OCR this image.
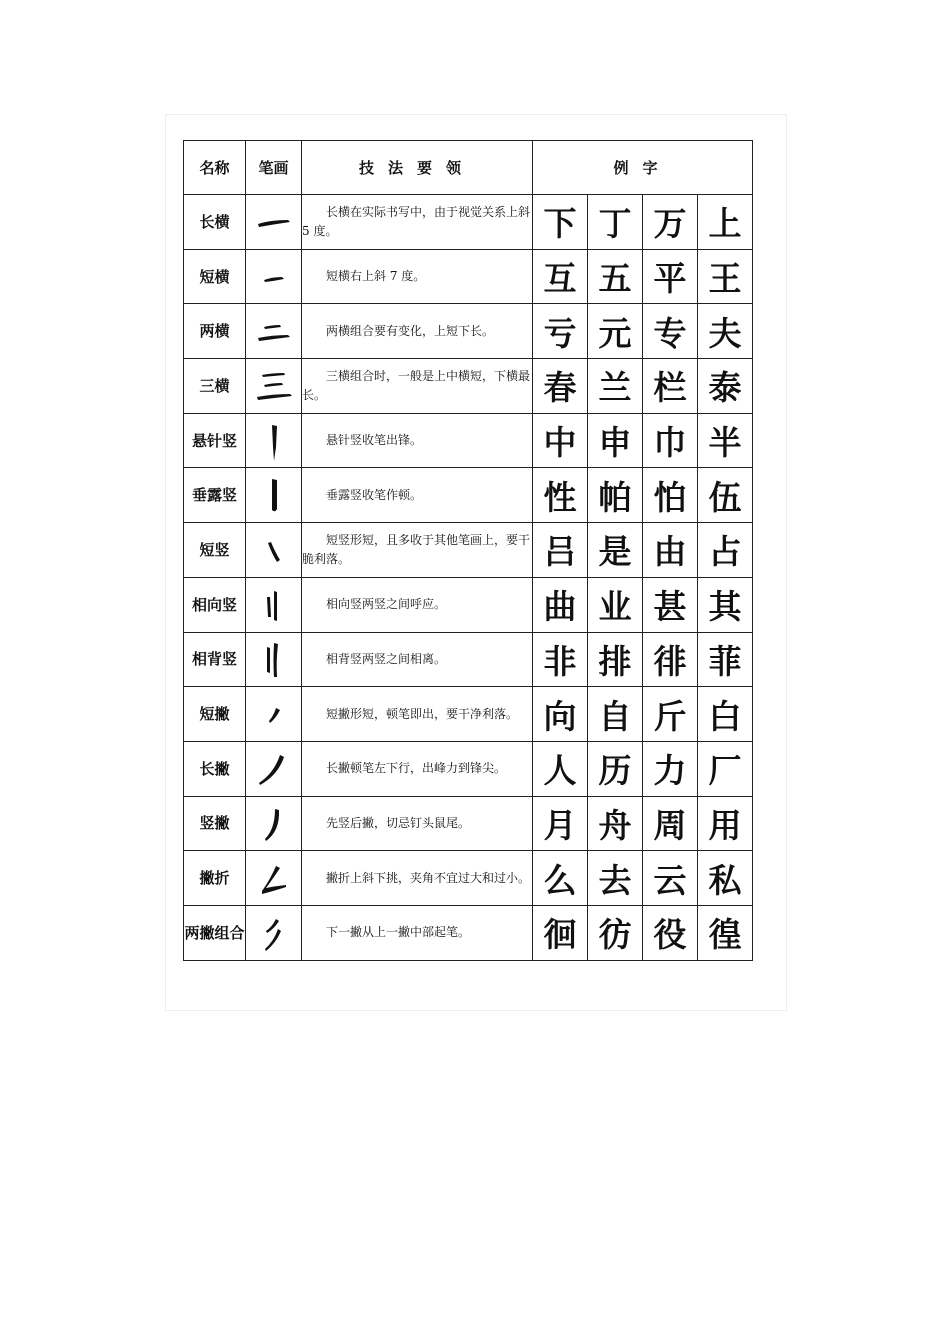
名称	笔画	技法要领	例字			
长横		长横在实际书写中，由于视觉关系上斜 5 度。	下	丁	万	上
短横		短横右上斜 7 度。	互	五	平	王
两横		两横组合要有变化，上短下长。	亏	元	专	夫
三横		三横组合时，一般是上中横短，下横最长。	春	兰	栏	泰
悬针竖		悬针竖收笔出锋。	中	申	巾	半
垂露竖		垂露竖收笔作顿。	性	帕	怕	伍
短竖		短竖形短，且多收于其他笔画上，要干脆利落。	吕	是	由	占
相向竖		相向竖两竖之间呼应。	曲	业	甚	其
相背竖		相背竖两竖之间相离。	非	排	徘	菲
短撇		短撇形短，顿笔即出，要干净利落。	向	自	斤	白
长撇		长撇顿笔左下行，出峰力到锋尖。	人	历	力	厂
竖撇		先竖后撇，切忌钉头鼠尾。	月	舟	周	用
撇折		撇折上斜下挑，夹角不宜过大和过小。	么	去	云	私
两撇组合		下一撇从上一撇中部起笔。	徊	彷	役	徨
